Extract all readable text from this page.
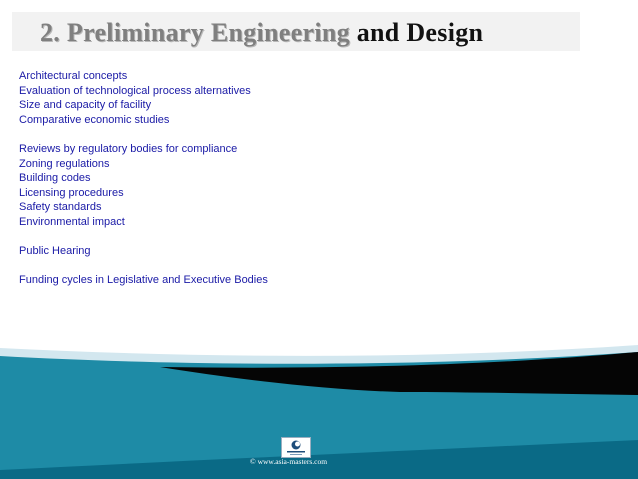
2. Preliminary Engineering and Design
Architectural concepts
Evaluation of technological process alternatives
Size and capacity of facility
Comparative economic studies
Reviews by regulatory bodies for compliance
Zoning regulations
Building codes
Licensing procedures
Safety standards
Environmental impact
Public Hearing
Funding cycles in Legislative and Executive Bodies
© www.asia-masters.com
